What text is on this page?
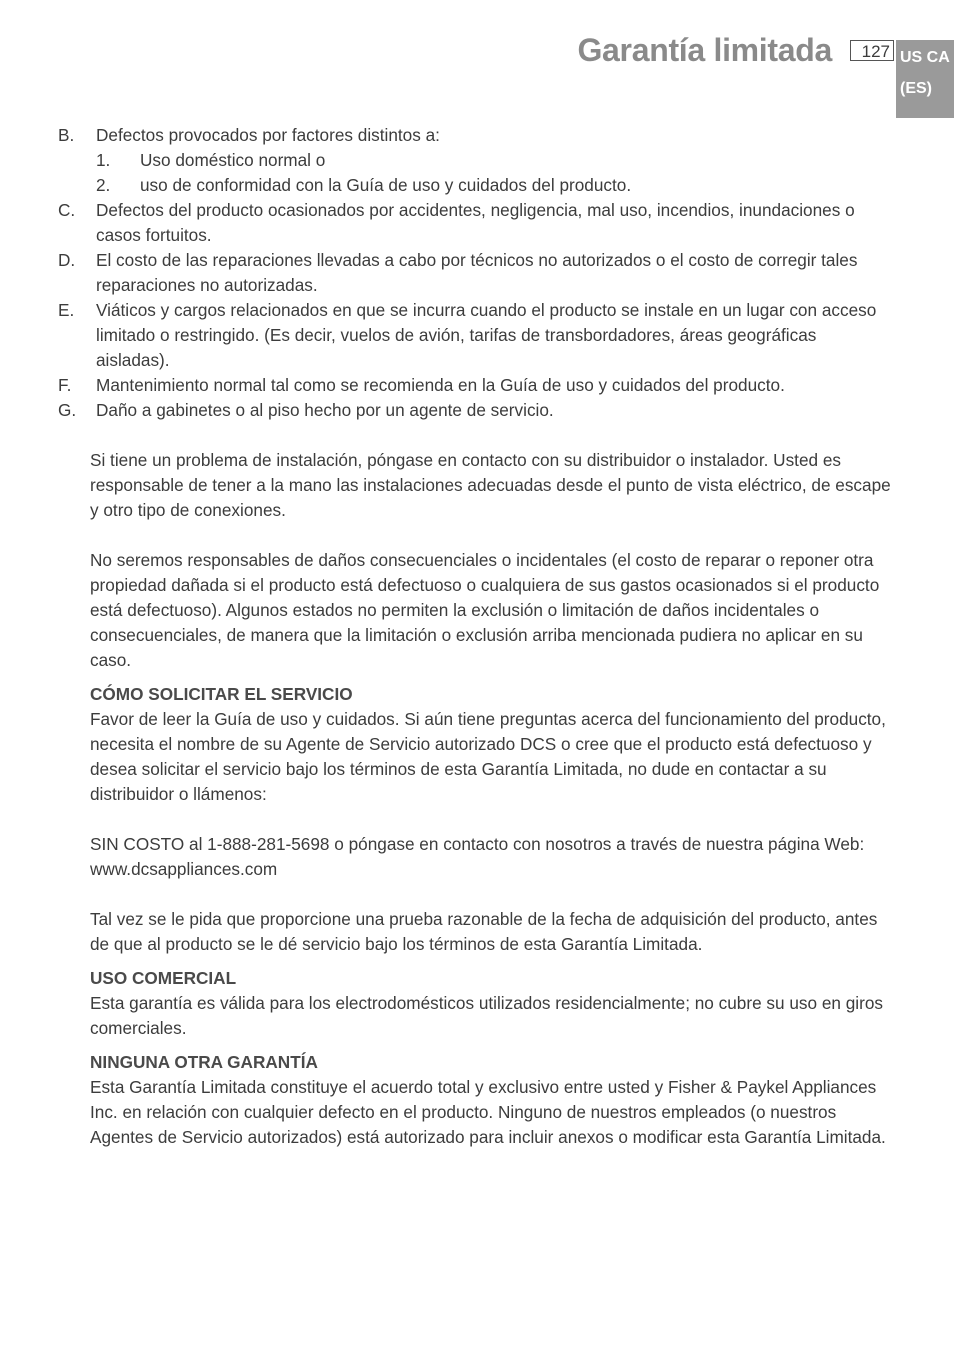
Garantía limitada	127 US CA
(ES)
B. Defectos provocados por factores distintos a:
1. Uso doméstico normal o
2. uso de conformidad con la Guía de uso y cuidados del producto.
C. Defectos del producto ocasionados por accidentes, negligencia, mal uso, incendios, inundaciones o casos fortuitos.
D. El costo de las reparaciones llevadas a cabo por técnicos no autorizados o el costo de corregir tales reparaciones no autorizadas.
E. Viáticos y cargos relacionados en que se incurra cuando el producto se instale en un lugar con acceso limitado o restringido. (Es decir, vuelos de avión, tarifas de transbordadores, áreas geográficas aisladas).
F. Mantenimiento normal tal como se recomienda en la Guía de uso y cuidados del producto.
G. Daño a gabinetes o al piso hecho por un agente de servicio.

Si tiene un problema de instalación, póngase en contacto con su distribuidor o instalador. Usted es responsable de tener a la mano las instalaciones adecuadas desde el punto de vista eléctrico, de escape y otro tipo de conexiones.

No seremos responsables de daños consecuenciales o incidentales (el costo de reparar o reponer otra propiedad dañada si el producto está defectuoso o cualquiera de sus gastos ocasionados si el producto está defectuoso). Algunos estados no permiten la exclusión o limitación de daños incidentales o consecuenciales, de manera que la limitación o exclusión arriba mencionada pudiera no aplicar en su caso.

CÓMO SOLICITAR EL SERVICIO

Favor de leer la Guía de uso y cuidados. Si aún tiene preguntas acerca del funcionamiento del producto, necesita el nombre de su Agente de Servicio autorizado DCS o cree que el producto está defectuoso y desea solicitar el servicio bajo los términos de esta Garantía Limitada, no dude en contactar a su distribuidor o llámenos:

SIN COSTO al 1-888-281-5698 o póngase en contacto con nosotros a través de nuestra página Web: www.dcsappliances.com

Tal vez se le pida que proporcione una prueba razonable de la fecha de adquisición del producto, antes de que al producto se le dé servicio bajo los términos de esta Garantía Limitada.

USO COMERCIAL

Esta garantía es válida para los electrodomésticos utilizados residencialmente; no cubre su uso en giros comerciales.

NINGUNA OTRA GARANTÍA

Esta Garantía Limitada constituye el acuerdo total y exclusivo entre usted y Fisher & Paykel Appliances Inc. en relación con cualquier defecto en el producto. Ninguno de nuestros empleados (o nuestros Agentes de Servicio autorizados) está autorizado para incluir anexos o modificar esta Garantía Limitada.
